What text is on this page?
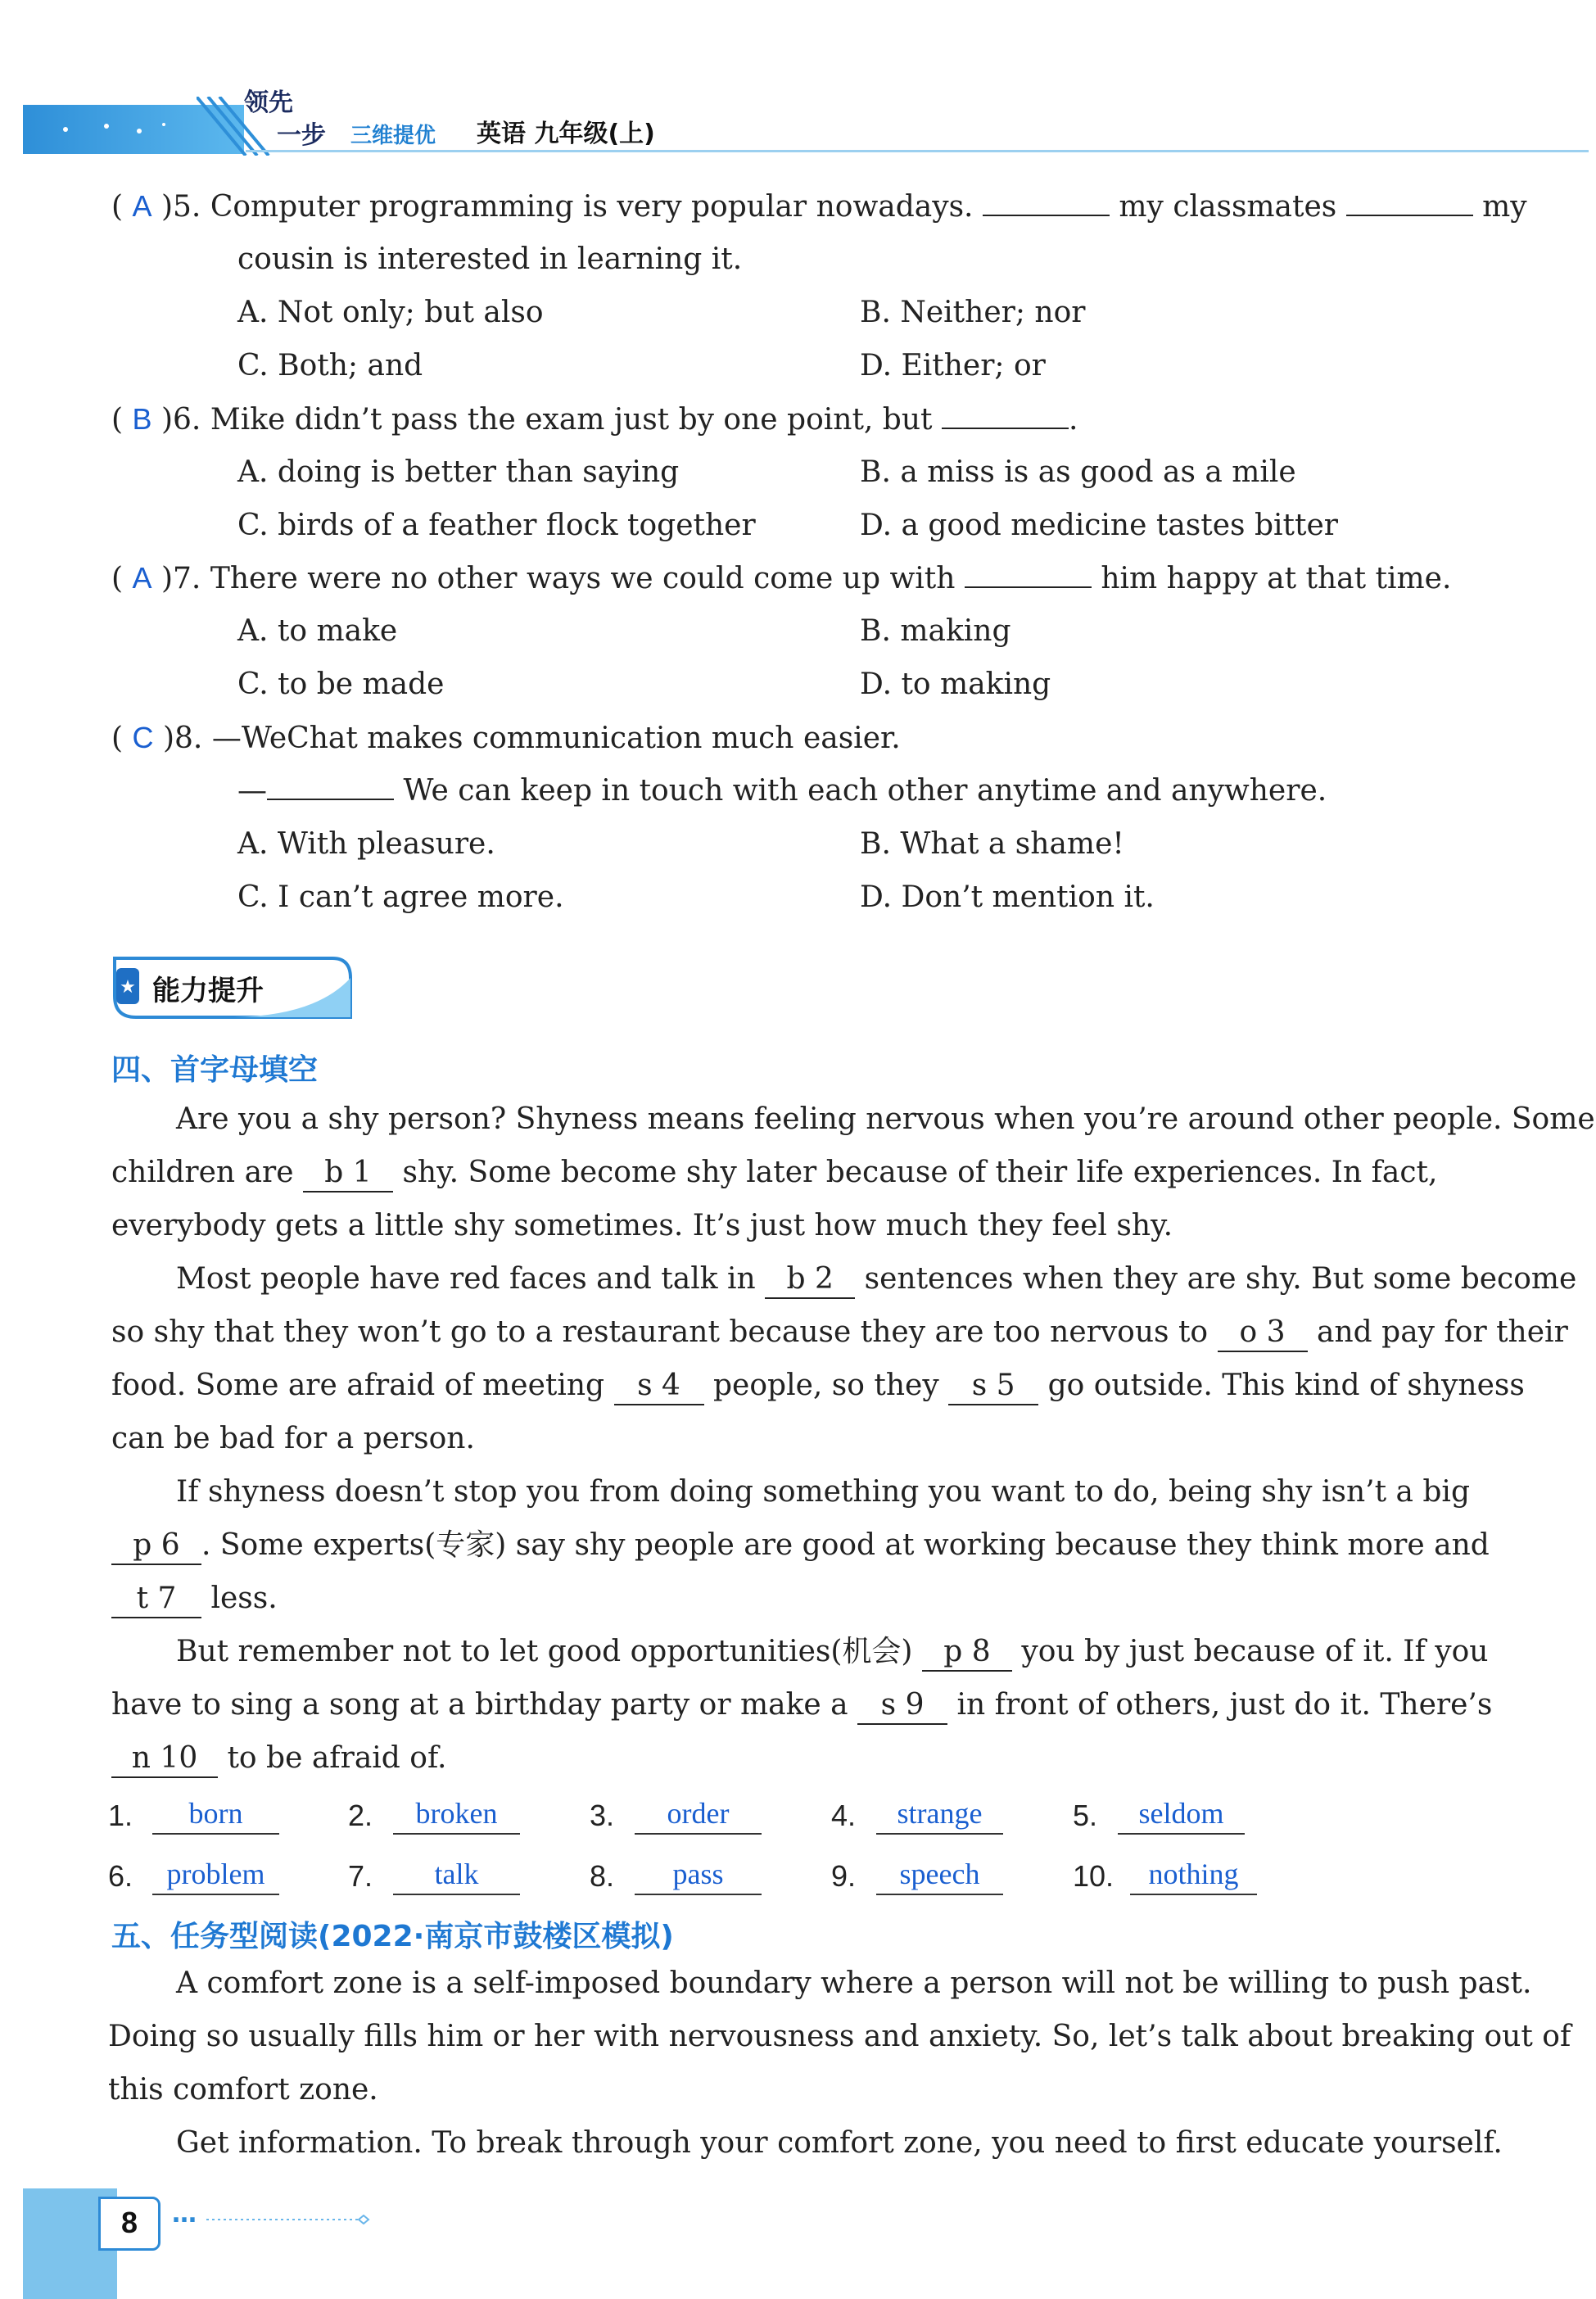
领先
一步 三维提优 英语 九年级(上)
( A )5. Computer programming is very popular nowadays.	my classmates	my
cousin is interested in learning it.
A. Not only; but also	B. Neither; nor
C. Both; and	D. Either; or
( B )6. Mike didn’t pass the exam just by one point, but	.
A. doing is better than saying	B. a miss is as good as a mile
C. birds of a feather flock together	D. a good medicine tastes bitter
( A )7. There were no other ways we could come up with	him happy at that time.
A. to make	B. making
C. to be made	D. to making
( C )8. —WeChat makes communication much easier.
—	We can keep in touch with each other anytime and anywhere.
A. With pleasure.	B. What a shame!
C. I can’t agree more.	D. Don’t mention it.
★ 能力提升
四、首字母填空
Are you a shy person? Shyness means feeling nervous when you’re around other people. Some
children are b 1 shy. Some become shy later because of their life experiences. In fact,
everybody gets a little shy sometimes. It’s just how much they feel shy.
Most people have red faces and talk in b 2 sentences when they are shy. But some become
so shy that they won’t go to a restaurant because they are too nervous to o 3 and pay for their
food. Some are afraid of meeting s 4 people, so they s 5 go outside. This kind of shyness
can be bad for a person.
If shyness doesn’t stop you from doing something you want to do, being shy isn’t a big
p 6 . Some experts(专家) say shy people are good at working because they think more and
t 7 less.
But remember not to let good opportunities(机会) p 8 you by just because of it. If you
have to sing a song at a birthday party or make a s 9 in front of others, just do it. There’s
n 10 to be afraid of.
1.	born	2.	broken	3.	order	4.	strange	5.	seldom
6.	problem	7.	talk	8.	pass	9.	speech	10.	nothing
五、任务型阅读(2022·南京市鼓楼区模拟)
A comfort zone is a self-imposed boundary where a person will not be willing to push past.
Doing so usually fills him or her with nervousness and anxiety. So, let’s talk about breaking out of
this comfort zone.
Get information. To break through your comfort zone, you need to first educate yourself.
8	…
